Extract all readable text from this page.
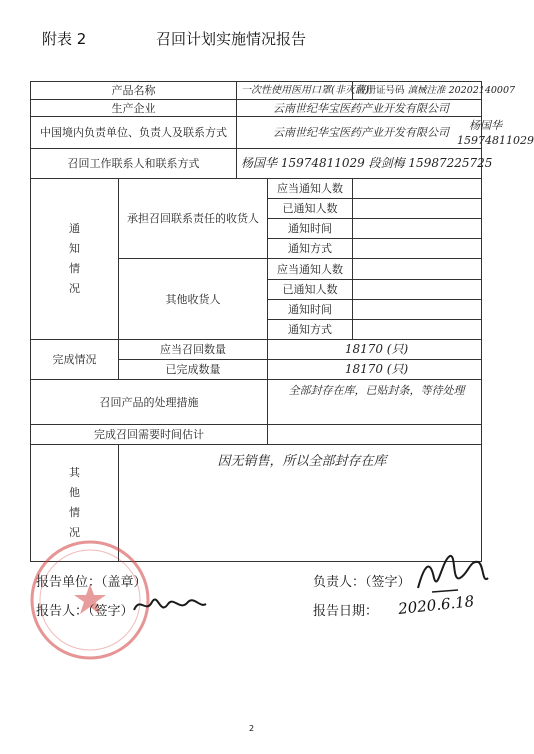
附表 2	召回计划实施情况报告
产品名称		一次性使用医用口罩(非灭菌)		注册证号码 滇械注准 20202140007
生产企业		云南世纪华宝医药产业开发有限公司		
中国境内负责单位、负责人及联系方式		云南世纪华宝医药产业开发有限公司
杨国华
15974811029		

召回工作联系人和联系方式		杨国华 15974811029 段剑梅 15987225725		

通
知
情
况	承担召回联系责任的收货人		应当通知人数	
			已通知人数	
			通知时间	
			通知方式	
	其他收货人		应当通知人数	
			已通知人数	
			通知时间	
			通知方式	
完成情况	应当召回数量		18170 (只)	
	已完成数量		18170 (只)	
召回产品的处理措施			全部封存在库，已贴封条，等待处理	
完成召回需要时间估计				

其
他
情
况	因无销售，所以全部封存在库			
报告单位：（盖章）	负责人：（签字）
报告人：（签字）	报告日期： 2020.6.18
2
